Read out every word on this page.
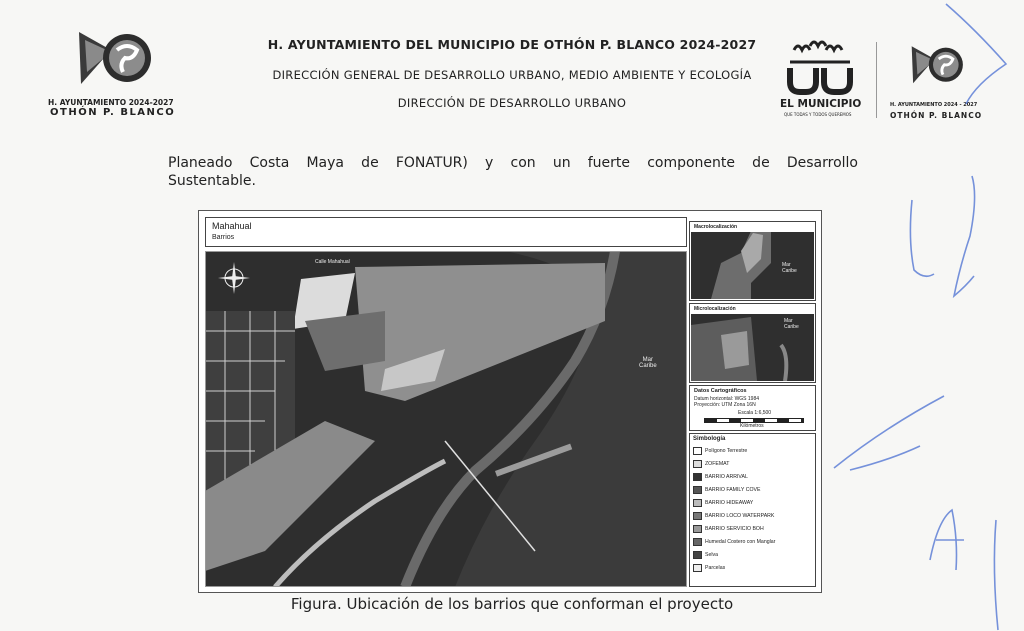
H. AYUNTAMIENTO 2024-2027
OTHÓN P. BLANCO
H. AYUNTAMIENTO DEL MUNICIPIO DE OTHÓN P. BLANCO 2024-2027
DIRECCIÓN GENERAL DE DESARROLLO URBANO, MEDIO AMBIENTE Y ECOLOGÍA
DIRECCIÓN DE DESARROLLO URBANO	EL MUNICIPIO
QUE TODAS Y TODOS QUEREMOS
H. AYUNTAMIENTO 2024 - 2027
OTHÓN P. BLANCO
Planeado Costa Maya de FONATUR) y con un fuerte componente de Desarrollo
Sustentable.
Mahahual
Barrios
Calle Mahahual
Mar
Caribe
Macrolocalización
Mar
Caribe
Microlocalización
Mar
Caribe
Datos Cartográficos
Datum horizontal: WGS 1984
Proyección: UTM Zona 16N
Escala 1:6,500
Kilómetros
Simbología
Polígono Terrestre
ZOFEMAT
BARRIO ARRIVAL
BARRIO FAMILY COVE
BARRIO HIDEAWAY
BARRIO LOCO WATERPARK
BARRIO SERVICIO BOH
Humedal Costero con Manglar
Selva
Parcelas
Figura. Ubicación de los barrios que conforman el proyecto
